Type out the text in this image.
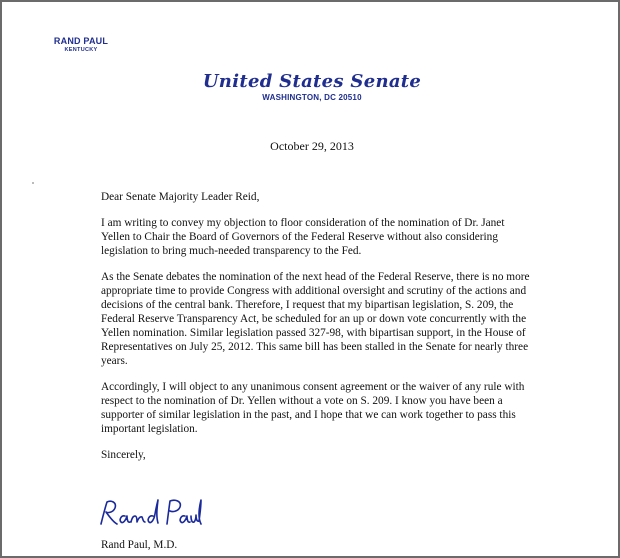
RAND PAUL
KENTUCKY
United States Senate
WASHINGTON, DC 20510
October 29, 2013

Dear Senate Majority Leader Reid,

I am writing to convey my objection to floor consideration of the nomination of Dr. Janet Yellen to Chair the Board of Governors of the Federal Reserve without also considering legislation to bring much-needed transparency to the Fed.

As the Senate debates the nomination of the next head of the Federal Reserve, there is no more appropriate time to provide Congress with additional oversight and scrutiny of the actions and decisions of the central bank. Therefore, I request that my bipartisan legislation, S. 209, the Federal Reserve Transparency Act, be scheduled for an up or down vote concurrently with the Yellen nomination. Similar legislation passed 327-98, with bipartisan support, in the House of Representatives on July 25, 2012. This same bill has been stalled in the Senate for nearly three years.

Accordingly, I will object to any unanimous consent agreement or the waiver of any rule with respect to the nomination of Dr. Yellen without a vote on S. 209. I know you have been a supporter of similar legislation in the past, and I hope that we can work together to pass this important legislation.

Sincerely,

Rand Paul, M.D.
